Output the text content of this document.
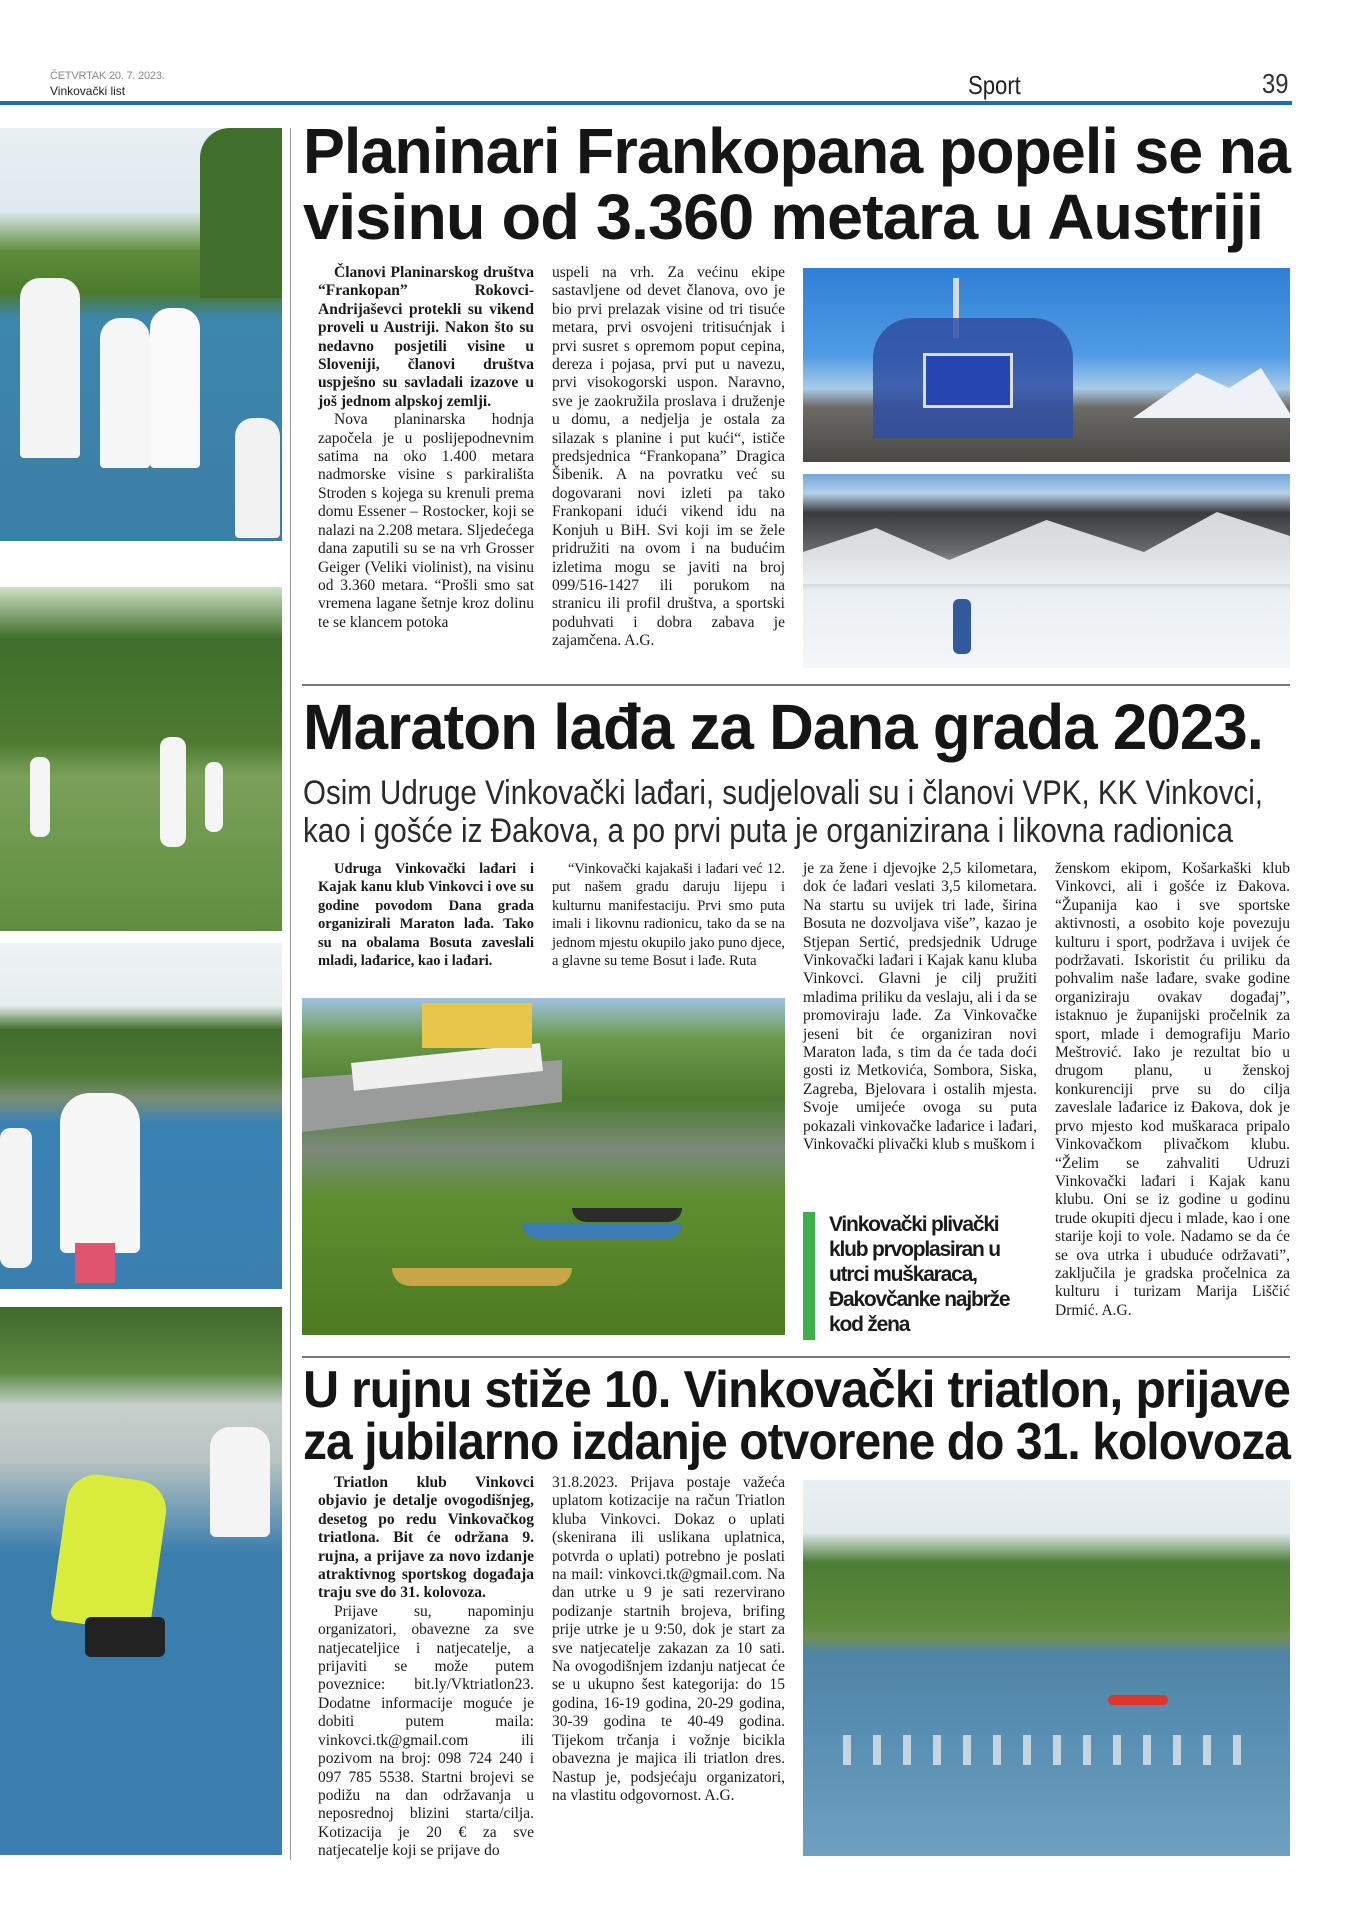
ČETVRTAK 20. 7. 2023.
Vinkovački list	Sport	39
Planinari Frankopana popeli se na
visinu od 3.360 metara u Austriji

Članovi Planinarskog društva “Frankopan” Rokovci-Andrijaševci protekli su vikend proveli u Austriji. Nakon što su nedavno posjetili visine u Sloveniji, članovi društva uspješno su savladali izazove u još jednom alpskoj zemlji.

Nova planinarska hodnja započela je u poslijepodnevnim satima na oko 1.400 metara nadmorske visine s parkirališta Stroden s kojega su krenuli prema domu Essener – Rostocker, koji se nalazi na 2.208 metara. Sljedećega dana zaputili su se na vrh Grosser Geiger (Veliki violinist), na visinu od 3.360 metara. “Prošli smo sat vremena lagane šetnje kroz dolinu te se klancem potoka

uspeli na vrh. Za većinu ekipe sastavljene od devet članova, ovo je bio prvi prelazak visine od tri tisuće metara, prvi osvojeni tritisućnjak i prvi susret s opremom poput cepina, dereza i pojasa, prvi put u navezu, prvi visokogorski uspon. Naravno, sve je zaokružila proslava i druženje u domu, a nedjelja je ostala za silazak s planine i put kući“, ističe predsjednica “Frankopana” Dragica Šibenik. A na povratku već su dogovarani novi izleti pa tako Frankopani idući vikend idu na Konjuh u BiH. Svi koji im se žele pridružiti na ovom i na budućim izletima mogu se javiti na broj 099/516-1427 ili porukom na stranicu ili profil društva, a sportski poduhvati i dobra zabava je zajamčena. A.G.

Maraton lađa za Dana grada 2023.
Osim Udruge Vinkovački lađari, sudjelovali su i članovi VPK, KK Vinkovci,
kao i gošće iz Đakova, a po prvi puta je organizirana i likovna radionica

Udruga Vinkovački lađari i Kajak kanu klub Vinkovci i ove su godine povodom Dana grada organizirali Maraton lađa. Tako su na obalama Bosuta zaveslali mladi, lađarice, kao i lađari.

“Vinkovački kajakaši i lađari već 12. put našem gradu daruju lijepu i kulturnu manifestaciju. Prvi smo puta imali i likovnu radionicu, tako da se na jednom mjestu okupilo jako puno djece, a glavne su teme Bosut i lađe. Ruta

je za žene i djevojke 2,5 kilometara, dok će lađari veslati 3,5 kilometara. Na startu su uvijek tri lađe, širina Bosuta ne dozvoljava više”, kazao je Stjepan Sertić, predsjednik Udruge Vinkovački lađari i Kajak kanu kluba Vinkovci. Glavni je cilj pružiti mladima priliku da veslaju, ali i da se promoviraju lađe. Za Vinkovačke jeseni bit će organiziran novi Maraton lađa, s tim da će tada doći gosti iz Metkovića, Sombora, Siska, Zagreba, Bjelovara i ostalih mjesta. Svoje umijeće ovoga su puta pokazali vinkovačke lađarice i lađari, Vinkovački plivački klub s muškom i

Vinkovački plivački klub prvoplasiran u utrci muškaraca, Đakovčanke najbrže kod žena

ženskom ekipom, Košarkaški klub Vinkovci, ali i gošće iz Đakova. “Županija kao i sve sportske aktivnosti, a osobito koje povezuju kulturu i sport, podržava i uvijek će podržavati. Iskoristit ću priliku da pohvalim naše lađare, svake godine organiziraju ovakav događaj”, istaknuo je županijski pročelnik za sport, mlade i demografiju Mario Meštrović. Iako je rezultat bio u drugom planu, u ženskoj konkurenciji prve su do cilja zaveslale lađarice iz Đakova, dok je prvo mjesto kod muškaraca pripalo Vinkovačkom plivačkom klubu. “Želim se zahvaliti Udruzi Vinkovački lađari i Kajak kanu klubu. Oni se iz godine u godinu trude okupiti djecu i mlade, kao i one starije koji to vole. Nadamo se da će se ova utrka i ubuduće održavati”, zaključila je gradska pročelnica za kulturu i turizam Marija Liščić Drmić. A.G.

U rujnu stiže 10. Vinkovački triatlon, prijave
za jubilarno izdanje otvorene do 31. kolovoza

Triatlon klub Vinkovci objavio je detalje ovogodišnjeg, desetog po redu Vinkovačkog triatlona. Bit će održana 9. rujna, a prijave za novo izdanje atraktivnog sportskog događaja traju sve do 31. kolovoza.

Prijave su, napominju organizatori, obavezne za sve natjecateljice i natjecatelje, a prijaviti se može putem poveznice: bit.ly/Vktriatlon23. Dodatne informacije moguće je dobiti putem maila: vinkovci.tk@gmail.com ili pozivom na broj: 098 724 240 i 097 785 5538. Startni brojevi se podižu na dan održavanja u neposrednoj blizini starta/cilja. Kotizacija je 20 € za sve natjecatelje koji se prijave do

31.8.2023. Prijava postaje važeća uplatom kotizacije na račun Triatlon kluba Vinkovci. Dokaz o uplati (skenirana ili uslikana uplatnica, potvrda o uplati) potrebno je poslati na mail: vinkovci.tk@gmail.com. Na dan utrke u 9 je sati rezervirano podizanje startnih brojeva, brifing prije utrke je u 9:50, dok je start za sve natjecatelje zakazan za 10 sati. Na ovogodišnjem izdanju natjecat će se u ukupno šest kategorija: do 15 godina, 16-19 godina, 20-29 godina, 30-39 godina te 40-49 godina. Tijekom trčanja i vožnje bicikla obavezna je majica ili triatlon dres. Nastup je, podsjećaju organizatori, na vlastitu odgovornost. A.G.
